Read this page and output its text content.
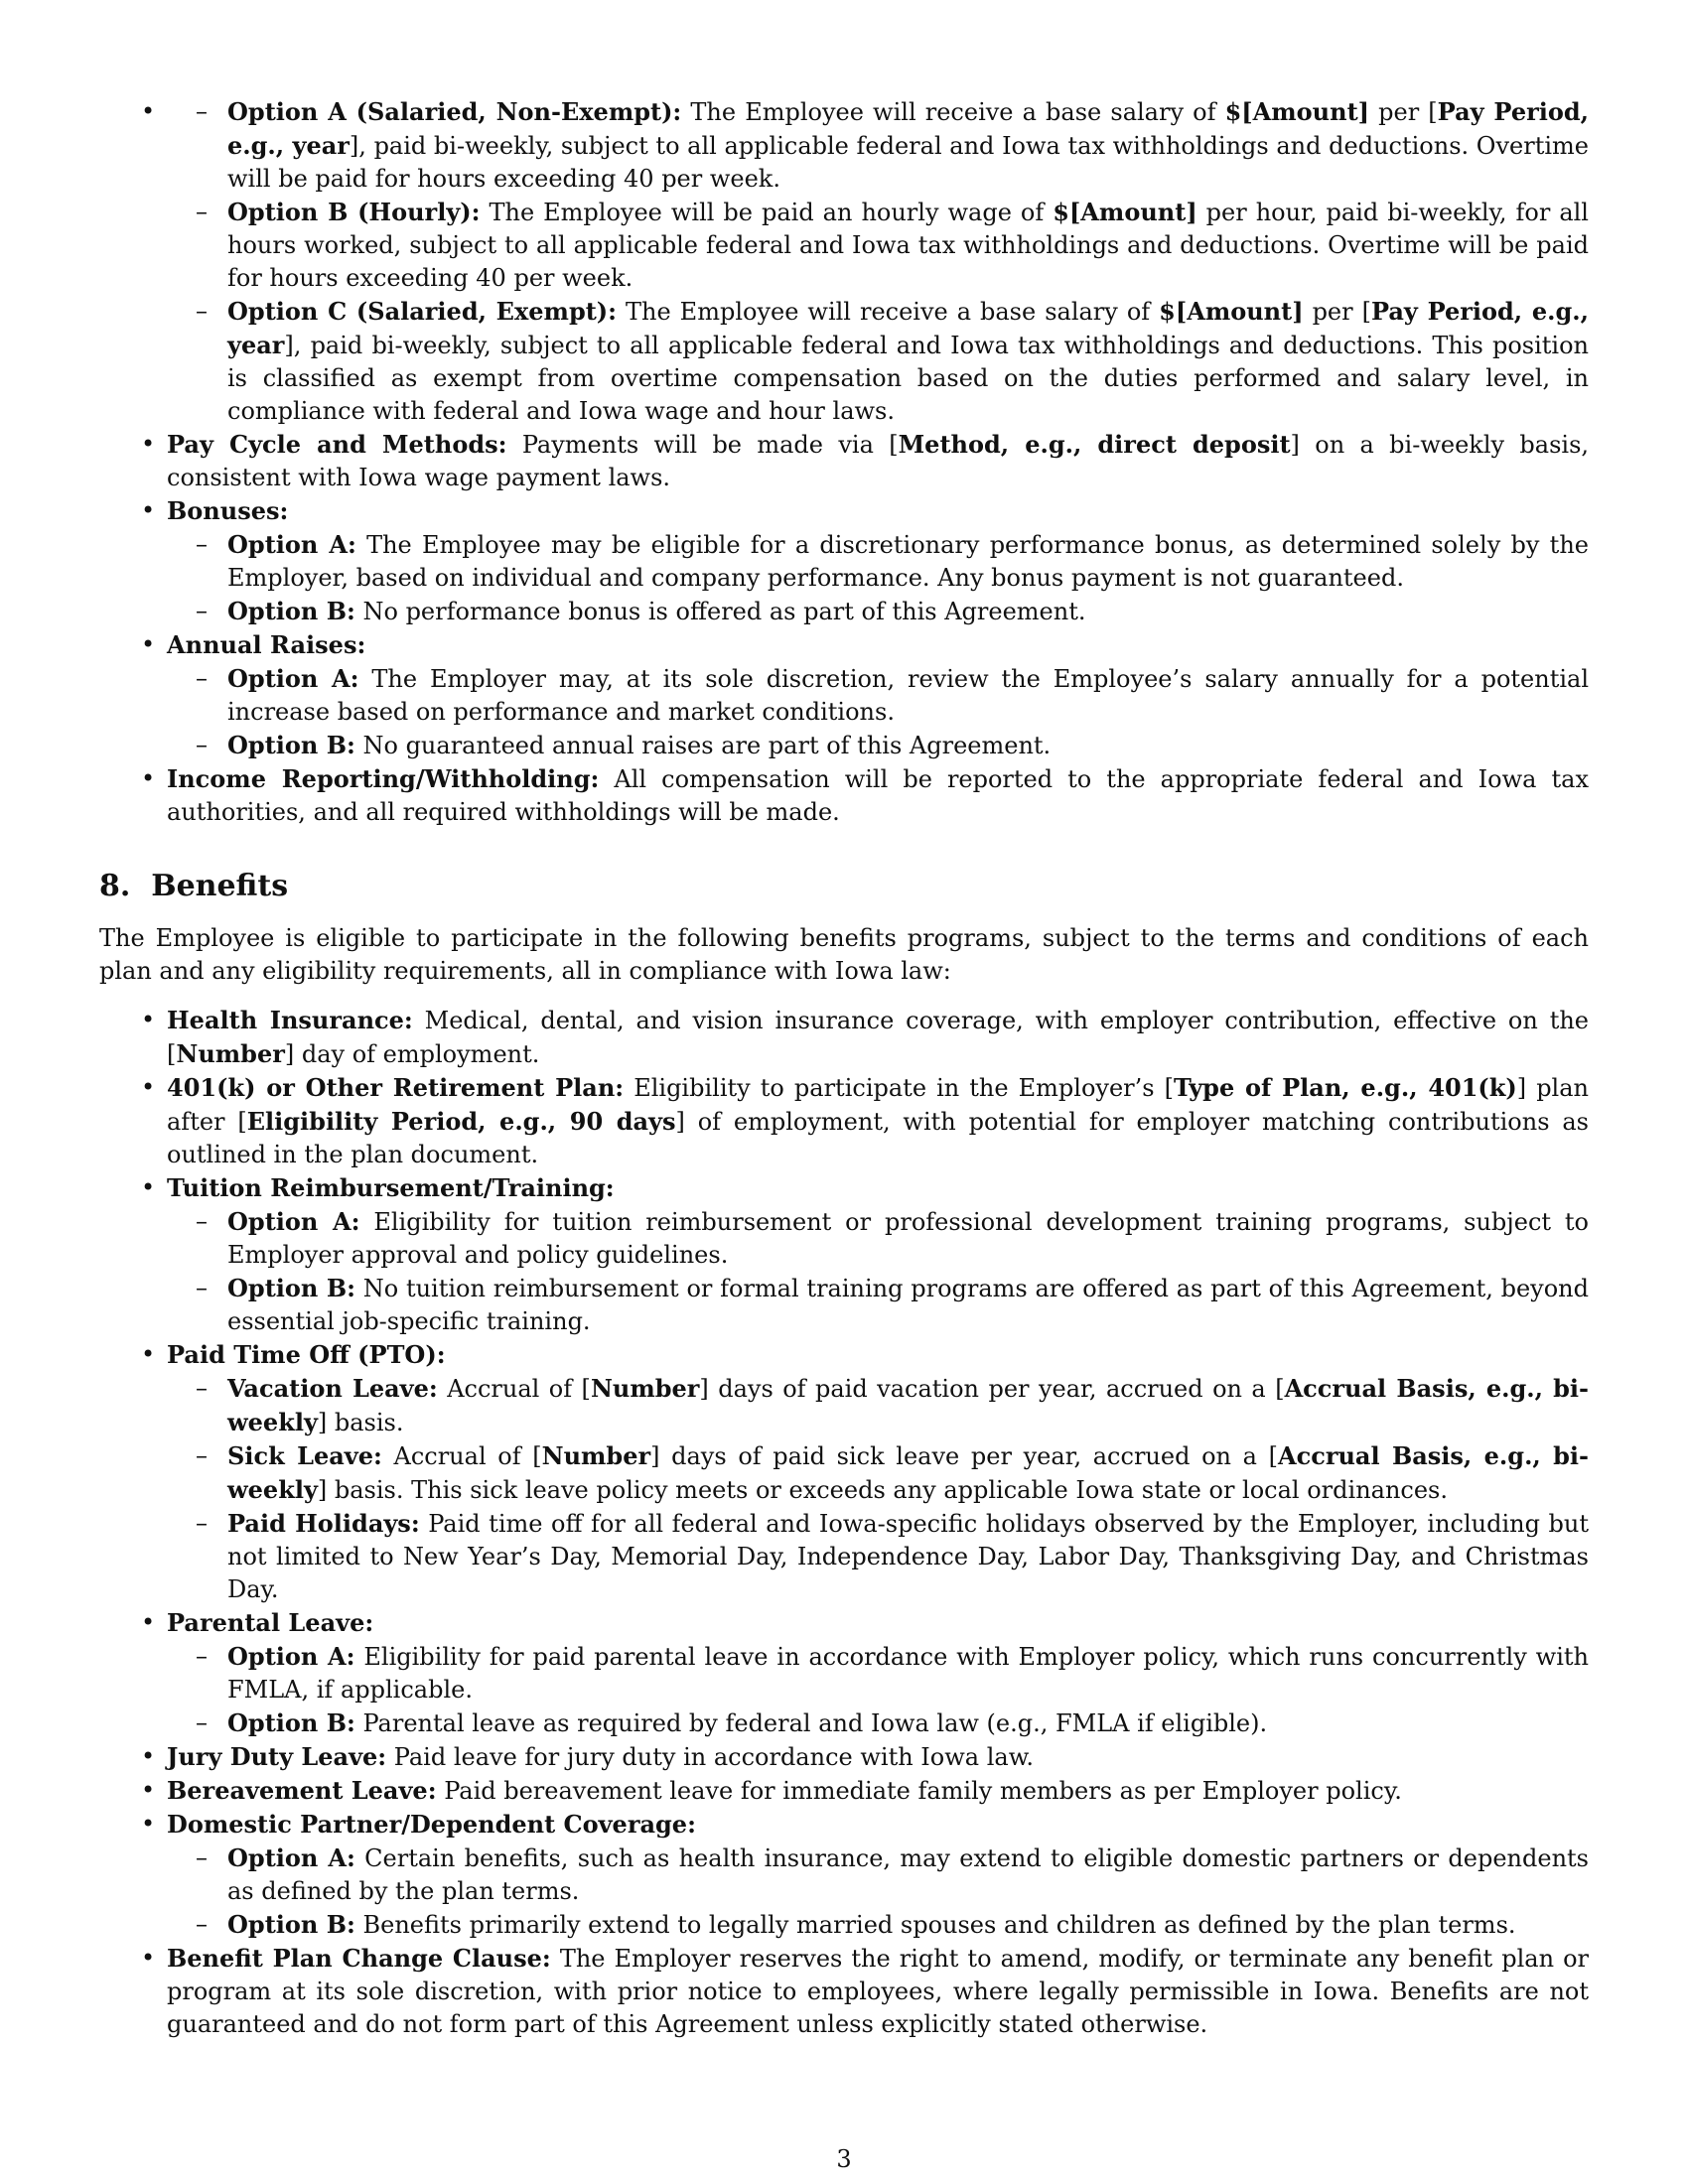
– • Option A (Salaried, Non-Exempt): The Employee will receive a base salary of $[Amount] per [Pay Period, e.g., year], paid bi-weekly, subject to all applicable federal and Iowa tax withholdings and deductions. Overtime will be paid for hours exceeding 40 per week.
– Option B (Hourly): The Employee will be paid an hourly wage of $[Amount] per hour, paid bi-weekly, for all hours worked, subject to all applicable federal and Iowa tax withholdings and deductions. Overtime will be paid for hours exceeding 40 per week.
– Option C (Salaried, Exempt): The Employee will receive a base salary of $[Amount] per [Pay Period, e.g., year], paid bi-weekly, subject to all applicable federal and Iowa tax withholdings and deductions. This position is classified as exempt from overtime compensation based on the duties performed and salary level, in compliance with federal and Iowa wage and hour laws.
• Pay Cycle and Methods: Payments will be made via [Method, e.g., direct deposit] on a bi-weekly basis, consistent with Iowa wage payment laws.
• Bonuses:
– Option A: The Employee may be eligible for a discretionary performance bonus, as determined solely by the Employer, based on individual and company performance. Any bonus payment is not guaranteed.
– Option B: No performance bonus is offered as part of this Agreement.
• Annual Raises:
– Option A: The Employer may, at its sole discretion, review the Employee’s salary annually for a potential increase based on performance and market conditions.
– Option B: No guaranteed annual raises are part of this Agreement.
• Income Reporting/Withholding: All compensation will be reported to the appropriate federal and Iowa tax authorities, and all required withholdings will be made.
8.  Benefits

The Employee is eligible to participate in the following benefits programs, subject to the terms and conditions of each plan and any eligibility requirements, all in compliance with Iowa law:

• Health Insurance: Medical, dental, and vision insurance coverage, with employer contribution, effective on the [Number] day of employment.
• 401(k) or Other Retirement Plan: Eligibility to participate in the Employer’s [Type of Plan, e.g., 401(k)] plan after [Eligibility Period, e.g., 90 days] of employment, with potential for employer matching contributions as outlined in the plan document.
• Tuition Reimbursement/Training:
– Option A: Eligibility for tuition reimbursement or professional development training programs, subject to Employer approval and policy guidelines.
– Option B: No tuition reimbursement or formal training programs are offered as part of this Agreement, beyond essential job-specific training.
• Paid Time Off (PTO):
– Vacation Leave: Accrual of [Number] days of paid vacation per year, accrued on a [Accrual Basis, e.g., bi-weekly] basis.
– Sick Leave: Accrual of [Number] days of paid sick leave per year, accrued on a [Accrual Basis, e.g., bi-weekly] basis. This sick leave policy meets or exceeds any applicable Iowa state or local ordinances.
– Paid Holidays: Paid time off for all federal and Iowa-specific holidays observed by the Employer, including but not limited to New Year’s Day, Memorial Day, Independence Day, Labor Day, Thanksgiving Day, and Christmas Day.
• Parental Leave:
– Option A: Eligibility for paid parental leave in accordance with Employer policy, which runs concurrently with FMLA, if applicable.
– Option B: Parental leave as required by federal and Iowa law (e.g., FMLA if eligible).
• Jury Duty Leave: Paid leave for jury duty in accordance with Iowa law.
• Bereavement Leave: Paid bereavement leave for immediate family members as per Employer policy.
• Domestic Partner/Dependent Coverage:
– Option A: Certain benefits, such as health insurance, may extend to eligible domestic partners or dependents as defined by the plan terms.
– Option B: Benefits primarily extend to legally married spouses and children as defined by the plan terms.
• Benefit Plan Change Clause: The Employer reserves the right to amend, modify, or terminate any benefit plan or program at its sole discretion, with prior notice to employees, where legally permissible in Iowa. Benefits are not guaranteed and do not form part of this Agreement unless explicitly stated otherwise.
3
